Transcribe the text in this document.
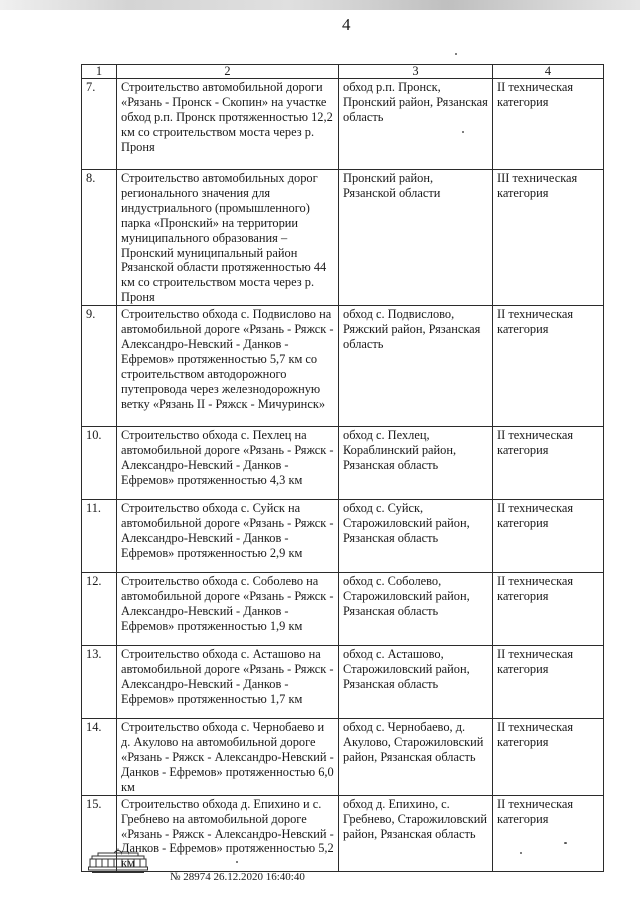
4
1	2	3	4
7.	Строительство автомобильной дороги «Рязань - Пронск - Скопин» на участке обход р.п. Пронск протяженностью 12,2 км со строительством моста через р. Проня	обход р.п. Пронск, Пронский район, Рязанская область	II техническая категория
8.	Строительство автомобильных дорог регионального значения для индустриального (промышленного) парка «Пронский» на территории муниципального образования – Пронский муниципальный район Рязанской области протяженностью 44 км со строительством моста через р. Проня	Пронский район, Рязанской области	III техническая категория
9.	Строительство обхода с. Подвислово на автомобильной дороге «Рязань - Ряжск - Александро-Невский - Данков - Ефремов» протяженностью 5,7 км со строительством автодорожного путепровода через железнодорожную ветку «Рязань II - Ряжск - Мичуринск»	обход с. Подвислово, Ряжский район, Рязанская область	II техническая категория
10.	Строительство обхода с. Пехлец на автомобильной дороге «Рязань - Ряжск - Александро-Невский - Данков - Ефремов» протяженностью 4,3 км	обход с. Пехлец, Кораблинский район, Рязанская область	II техническая категория
11.	Строительство обхода с. Суйск на автомобильной дороге «Рязань - Ряжск - Александро-Невский - Данков - Ефремов» протяженностью 2,9 км	обход с. Суйск, Старожиловский район, Рязанская область	II техническая категория
12.	Строительство обхода с. Соболево на автомобильной дороге «Рязань - Ряжск - Александро-Невский - Данков - Ефремов» протяженностью 1,9 км	обход с. Соболево, Старожиловский район, Рязанская область	II техническая категория
13.	Строительство обхода с. Асташово на автомобильной дороге «Рязань - Ряжск - Александро-Невский - Данков - Ефремов» протяженностью 1,7 км	обход с. Асташово, Старожиловский район, Рязанская область	II техническая категория
14.	Строительство обхода с. Чернобаево и д. Акулово на автомобильной дороге «Рязань - Ряжск - Александро-Невский - Данков - Ефремов» протяженностью 6,0 км	обход с. Чернобаево, д. Акулово, Старожиловский район, Рязанская область	II техническая категория
15.	Строительство обхода д. Епихино и с. Гребнево на автомобильной дороге «Рязань - Ряжск - Александро-Невский - Данков - Ефремов» протяженностью 5,2 км	обход д. Епихино, с. Гребнево, Старожиловский район, Рязанская область	II техническая категория
№ 28974 26.12.2020 16:40:40
